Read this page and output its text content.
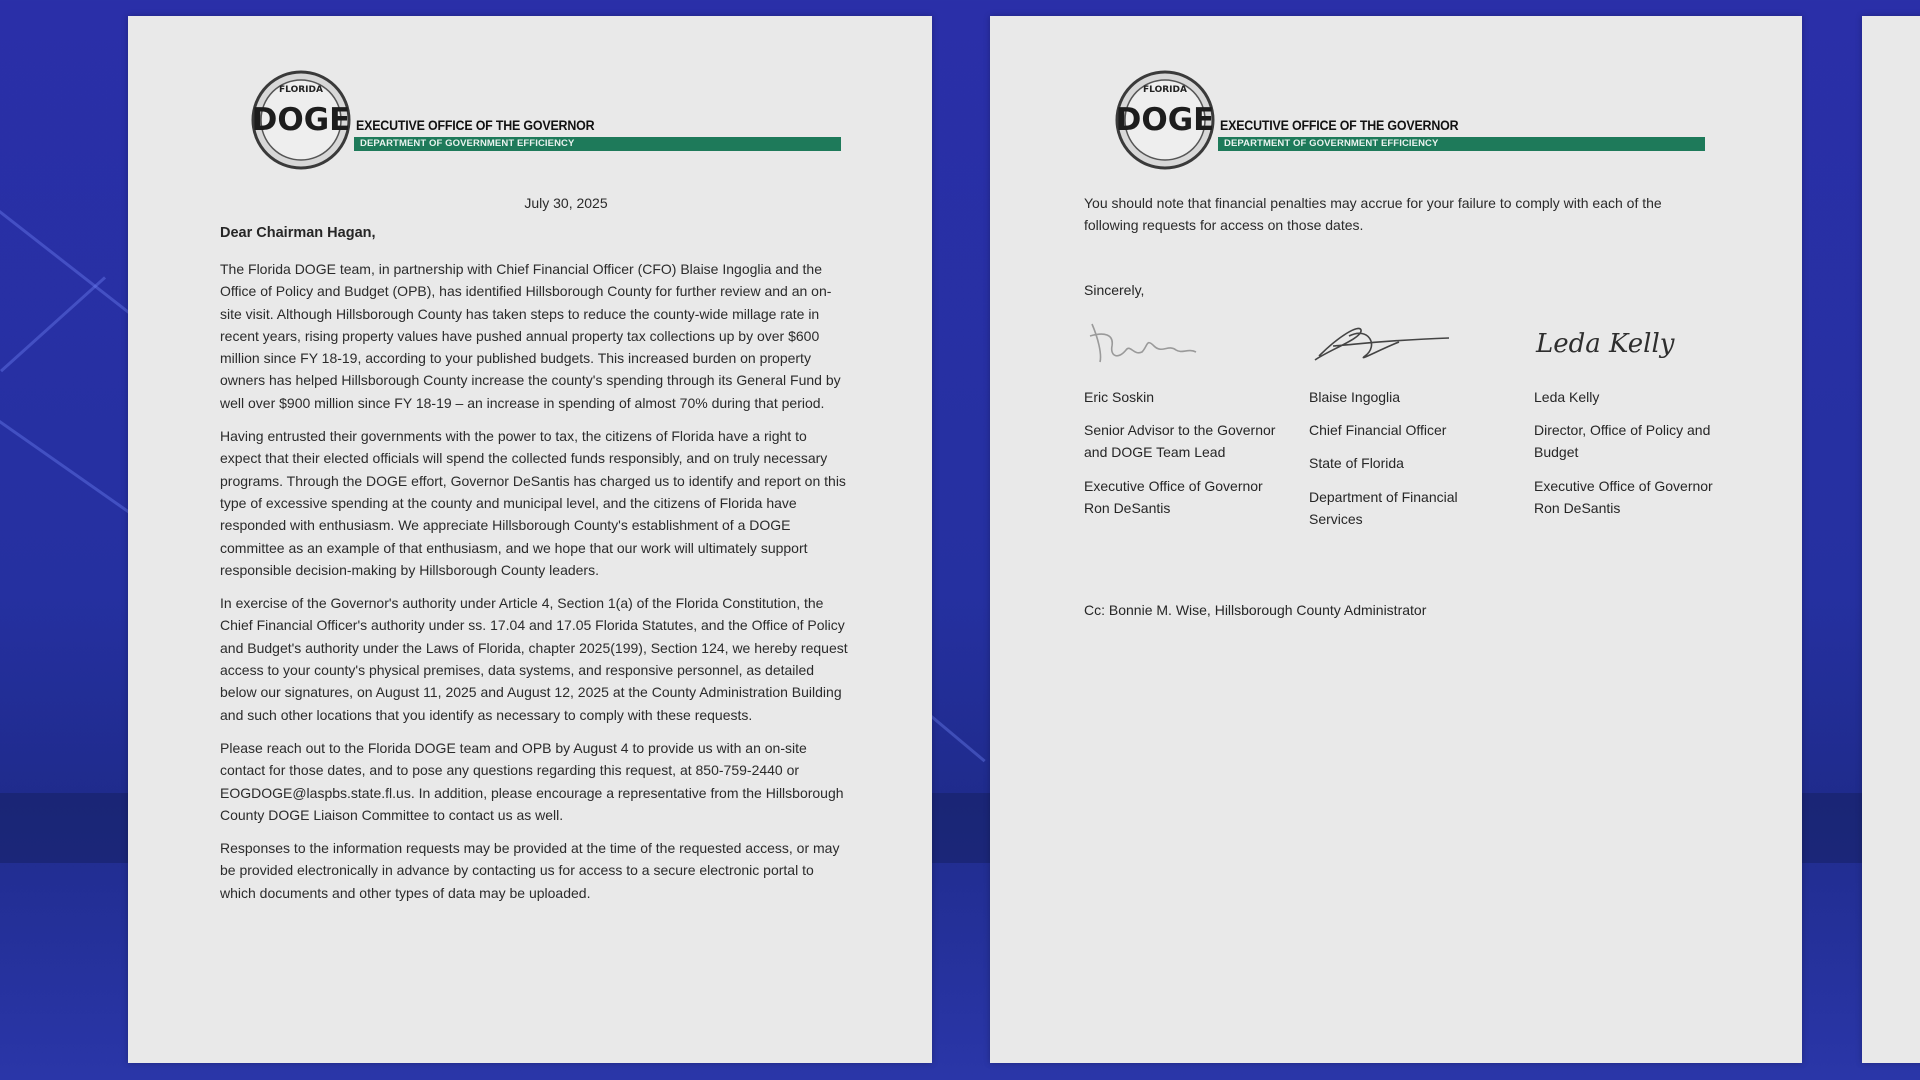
DOGE
FLORIDA
EXECUTIVE OFFICE OF THE GOVERNOR
DEPARTMENT OF GOVERNMENT EFFICIENCY
July 30, 2025
Dear Chairman Hagan,

The Florida DOGE team, in partnership with Chief Financial Officer (CFO) Blaise Ingoglia and the Office of Policy and Budget (OPB), has identified Hillsborough County for further review and an on-site visit. Although Hillsborough County has taken steps to reduce the county-wide millage rate in recent years, rising property values have pushed annual property tax collections up by over $600 million since FY 18-19, according to your published budgets. This increased burden on property owners has helped Hillsborough County increase the county's spending through its General Fund by well over $900 million since FY 18-19 – an increase in spending of almost 70% during that period.

Having entrusted their governments with the power to tax, the citizens of Florida have a right to expect that their elected officials will spend the collected funds responsibly, and on truly necessary programs. Through the DOGE effort, Governor DeSantis has charged us to identify and report on this type of excessive spending at the county and municipal level, and the citizens of Florida have responded with enthusiasm. We appreciate Hillsborough County's establishment of a DOGE committee as an example of that enthusiasm, and we hope that our work will ultimately support responsible decision-making by Hillsborough County leaders.

In exercise of the Governor's authority under Article 4, Section 1(a) of the Florida Constitution, the Chief Financial Officer's authority under ss. 17.04 and 17.05 Florida Statutes, and the Office of Policy and Budget's authority under the Laws of Florida, chapter 2025(199), Section 124, we hereby request access to your county's physical premises, data systems, and responsive personnel, as detailed below our signatures, on August 11, 2025 and August 12, 2025 at the County Administration Building and such other locations that you identify as necessary to comply with these requests.

Please reach out to the Florida DOGE team and OPB by August 4 to provide us with an on-site contact for those dates, and to pose any questions regarding this request, at 850-759-2440 or EOGDOGE@laspbs.state.fl.us. In addition, please encourage a representative from the Hillsborough County DOGE Liaison Committee to contact us as well.

Responses to the information requests may be provided at the time of the requested access, or may be provided electronically in advance by contacting us for access to a secure electronic portal to which documents and other types of data may be uploaded.

DOGE
FLORIDA
EXECUTIVE OFFICE OF THE GOVERNOR
DEPARTMENT OF GOVERNMENT EFFICIENCY
You should note that financial penalties may accrue for your failure to comply with each of the following requests for access on those dates.
Sincerely,
Eric Soskin
Senior Advisor to the Governor and DOGE Team Lead
Executive Office of Governor Ron DeSantis
Blaise Ingoglia
Chief Financial Officer
State of Florida
Department of Financial Services
Leda Kelly
Leda Kelly
Director, Office of Policy and Budget
Executive Office of Governor Ron DeSantis
Cc: Bonnie M. Wise, Hillsborough County Administrator
